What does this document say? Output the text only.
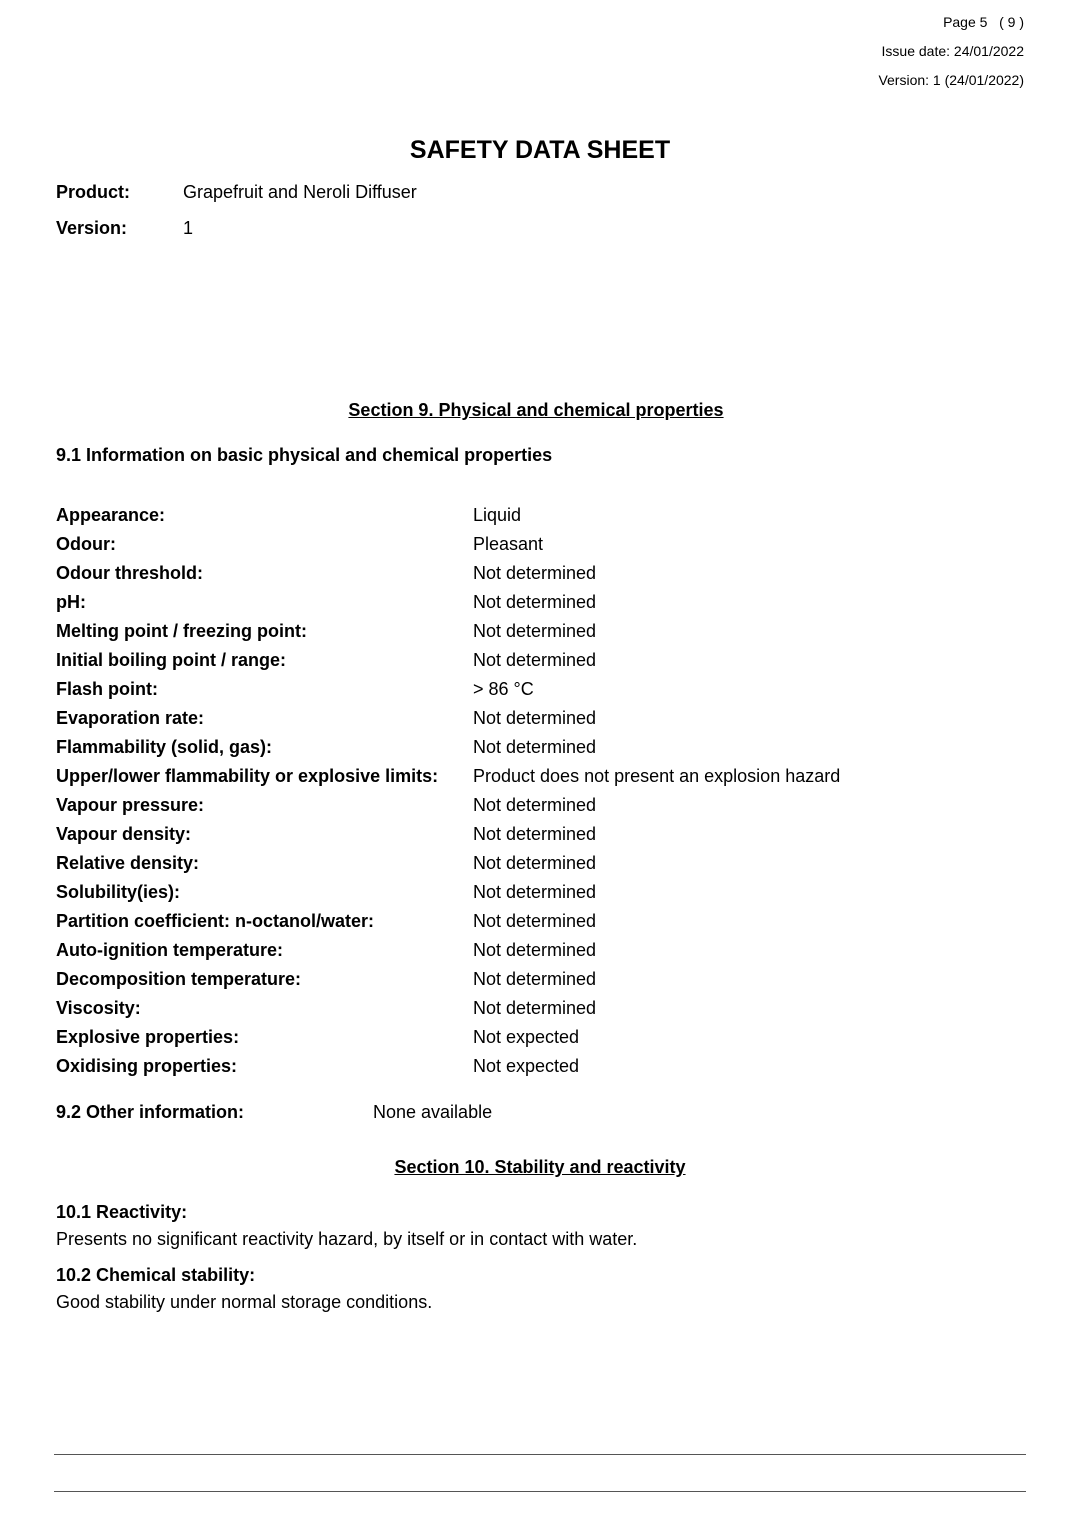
Page 5 ( 9 )
Issue date: 24/01/2022
Version: 1 (24/01/2022)
SAFETY DATA SHEET
Product:	Grapefruit and Neroli Diffuser
Version:	1
Section 9. Physical and chemical properties
9.1 Information on basic physical and chemical properties
Appearance:	Liquid
Odour:	Pleasant
Odour threshold:	Not determined
pH:	Not determined
Melting point / freezing point:	Not determined
Initial boiling point / range:	Not determined
Flash point:	> 86 °C
Evaporation rate:	Not determined
Flammability (solid, gas):	Not determined
Upper/lower flammability or explosive limits:	Product does not present an explosion hazard
Vapour pressure:	Not determined
Vapour density:	Not determined
Relative density:	Not determined
Solubility(ies):	Not determined
Partition coefficient: n-octanol/water:	Not determined
Auto-ignition temperature:	Not determined
Decomposition temperature:	Not determined
Viscosity:	Not determined
Explosive properties:	Not expected
Oxidising properties:	Not expected
9.2 Other information:	None available
Section 10. Stability and reactivity
10.1 Reactivity:
Presents no significant reactivity hazard, by itself or in contact with water.
10.2 Chemical stability:
Good stability under normal storage conditions.
